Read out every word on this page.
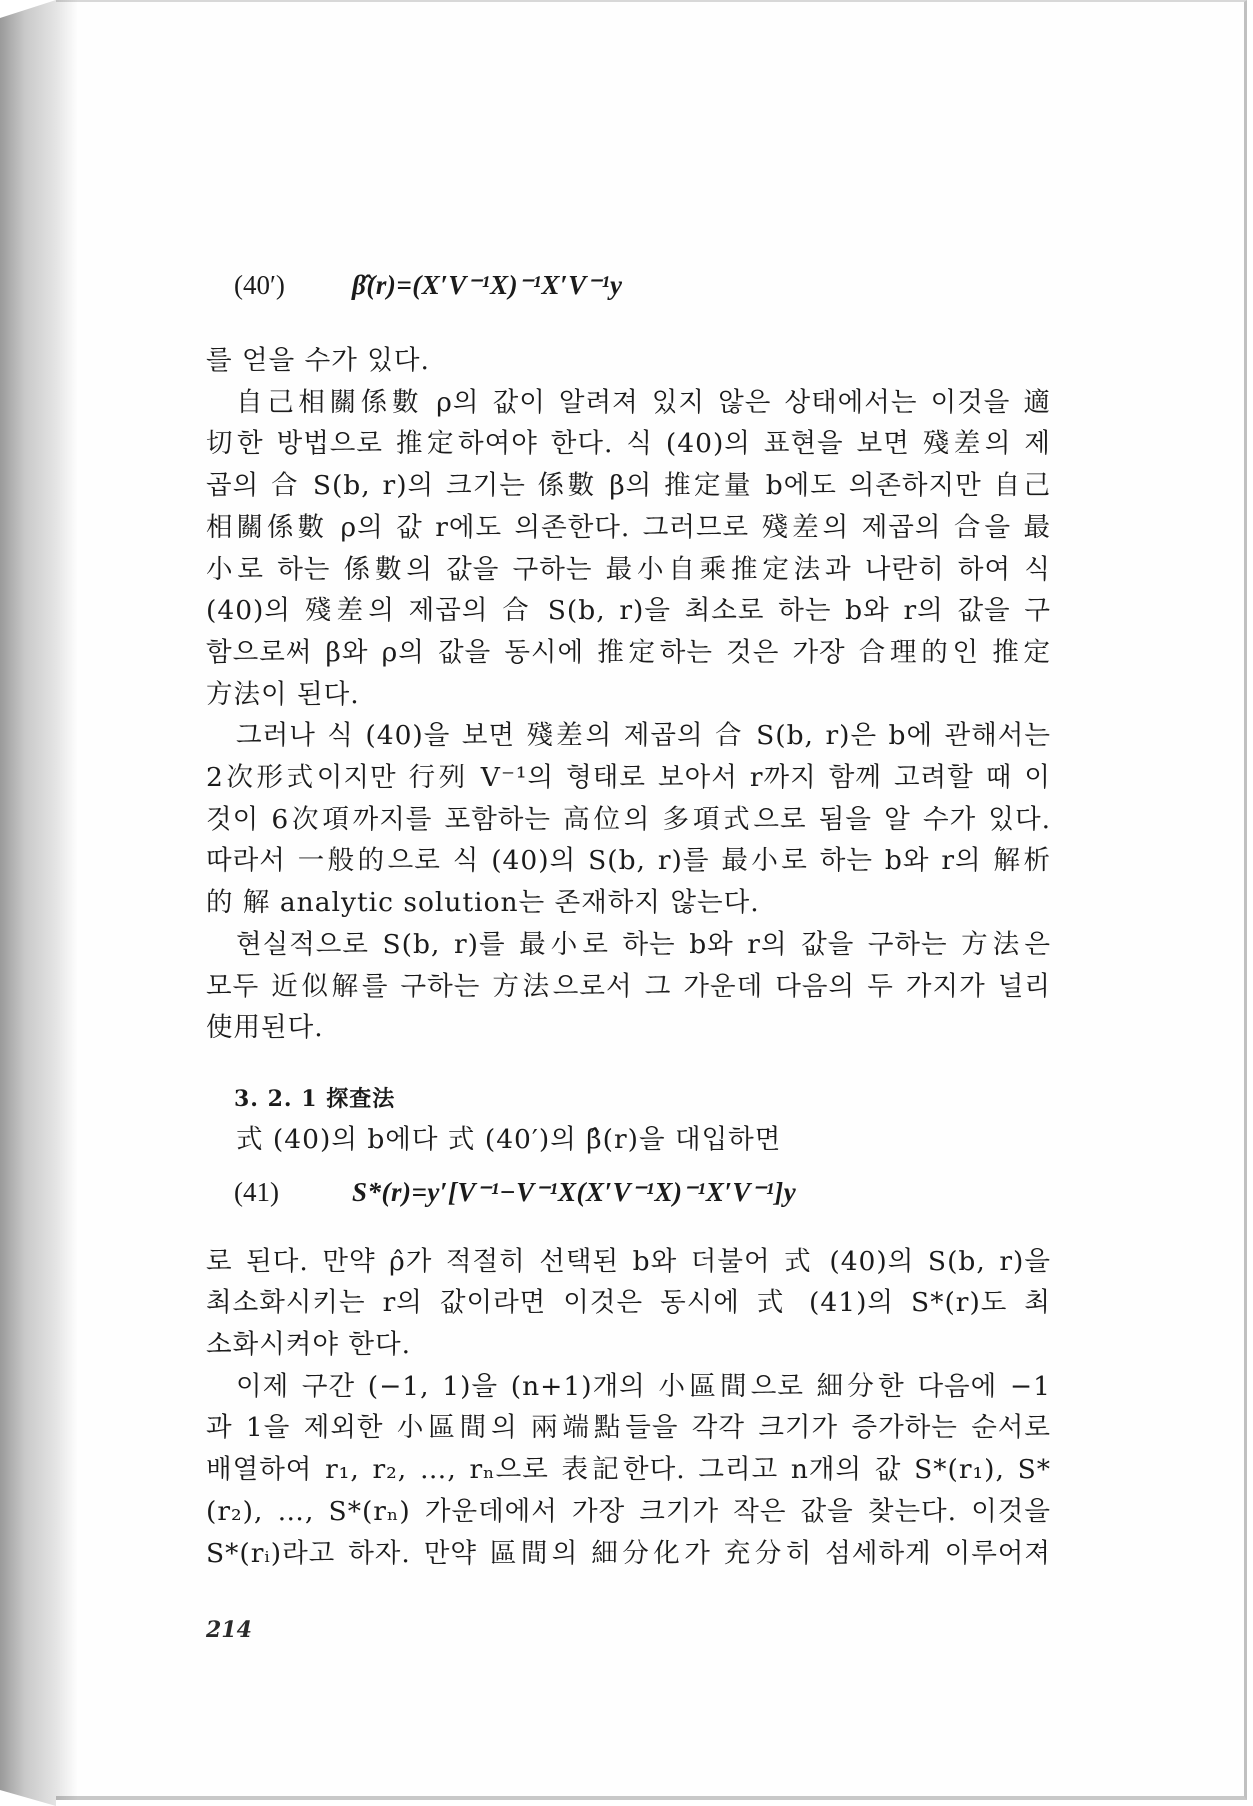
(40′)	β̂(r)=(X′V⁻¹X)⁻¹X′V⁻¹y
를 얻을 수가 있다.
自己相關係數 ρ의 값이 알려져 있지 않은 상태에서는 이것을 適
切한 방법으로 推定하여야 한다. 식 (40)의 표현을 보면 殘差의 제
곱의 合 S(b, r)의 크기는 係數 β의 推定量 b에도 의존하지만 自己
相關係數 ρ의 값 r에도 의존한다. 그러므로 殘差의 제곱의 合을 最
小로 하는 係數의 값을 구하는 最小自乘推定法과 나란히 하여 식
(40)의 殘差의 제곱의 合 S(b, r)을 최소로 하는 b와 r의 값을 구
함으로써 β와 ρ의 값을 동시에 推定하는 것은 가장 合理的인 推定
方法이 된다.
그러나 식 (40)을 보면 殘差의 제곱의 合 S(b, r)은 b에 관해서는
2次形式이지만 行列 V⁻¹의 형태로 보아서 r까지 함께 고려할 때 이
것이 6次項까지를 포함하는 高位의 多項式으로 됨을 알 수가 있다.
따라서 一般的으로 식 (40)의 S(b, r)를 最小로 하는 b와 r의 解析
的 解 analytic solution는 존재하지 않는다.
현실적으로 S(b, r)를 最小로 하는 b와 r의 값을 구하는 方法은
모두 近似解를 구하는 方法으로서 그 가운데 다음의 두 가지가 널리
使用된다.
3. 2. 1 探査法
式 (40)의 b에다 式 (40′)의 β̂(r)을 대입하면
(41)	S*(r)=y′[V⁻¹−V⁻¹X(X′V⁻¹X)⁻¹X′V⁻¹]y
로 된다. 만약 ρ̂가 적절히 선택된 b와 더불어 式 (40)의 S(b, r)을
최소화시키는 r의 값이라면 이것은 동시에 式 (41)의 S*(r)도 최
소화시켜야 한다.
이제 구간 (−1, 1)을 (n+1)개의 小區間으로 細分한 다음에 −1
과 1을 제외한 小區間의 兩端點들을 각각 크기가 증가하는 순서로
배열하여 r₁, r₂, …, rₙ으로 表記한다. 그리고 n개의 값 S*(r₁), S*
(r₂), …, S*(rₙ) 가운데에서 가장 크기가 작은 값을 찾는다. 이것을
S*(rᵢ)라고 하자. 만약 區間의 細分化가 充分히 섬세하게 이루어져
214
